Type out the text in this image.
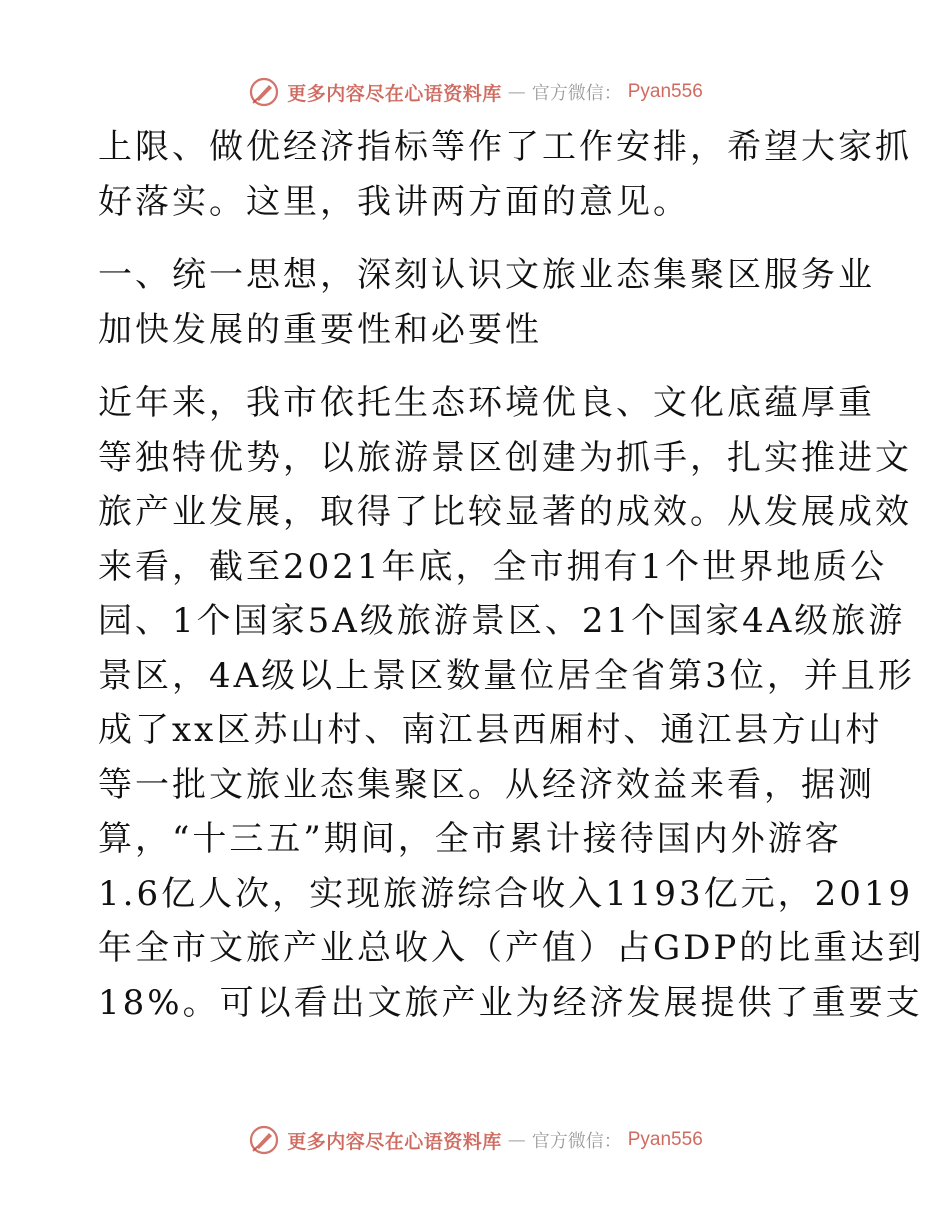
更多内容尽在心语资料库 — 官方微信： Pyan556
上限、做优经济指标等作了工作安排，希望大家抓
好落实。这里，我讲两方面的意见。
一、统一思想，深刻认识文旅业态集聚区服务业
加快发展的重要性和必要性
近年来，我市依托生态环境优良、文化底蕴厚重
等独特优势，以旅游景区创建为抓手，扎实推进文
旅产业发展，取得了比较显著的成效。从发展成效
来看，截至2021年底，全市拥有1个世界地质公
园、1个国家5A级旅游景区、21个国家4A级旅游
景区，4A级以上景区数量位居全省第3位，并且形
成了xx区苏山村、南江县西厢村、通江县方山村
等一批文旅业态集聚区。从经济效益来看，据测
算，“十三五”期间，全市累计接待国内外游客
1.6亿人次，实现旅游综合收入1193亿元，2019
年全市文旅产业总收入（产值）占GDP的比重达到
18%。可以看出文旅产业为经济发展提供了重要支
更多内容尽在心语资料库 — 官方微信： Pyan556
